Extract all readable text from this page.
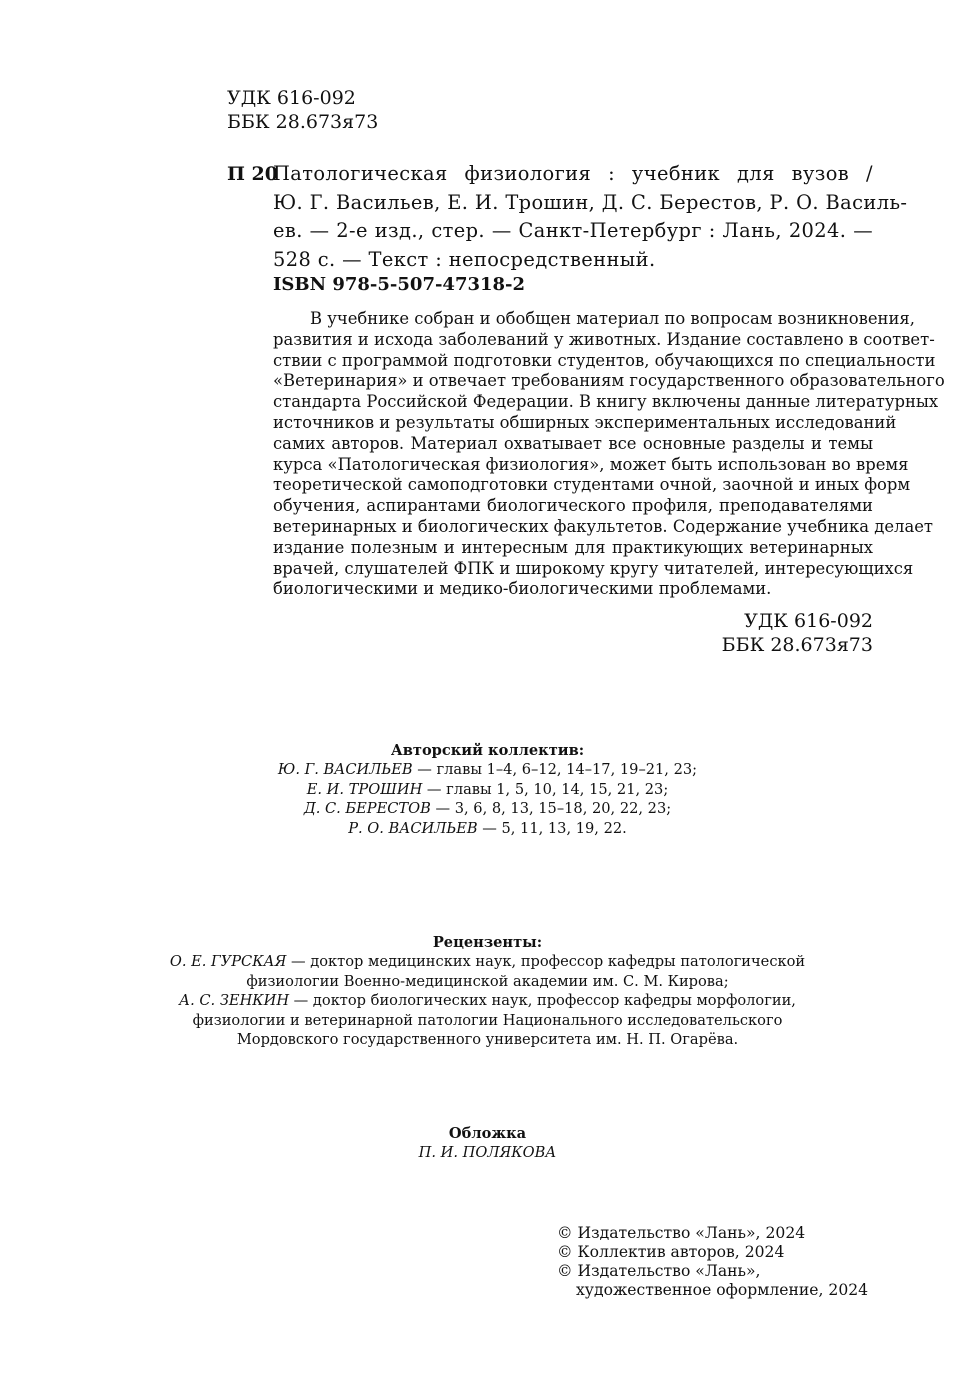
УДК 616-092
ББК 28.673я73
П 20
Патологическая физиология : учебник для вузов /
Ю. Г. Васильев, Е. И. Трошин, Д. С. Берестов, Р. О. Василь-
ев. — 2-е изд., стер. — Санкт-Петербург : Лань, 2024. —
528 с. — Текст : непосредственный.
ISBN 978-5-507-47318-2
В учебнике собран и обобщен материал по вопросам возникновения,
развития и исхода заболеваний у животных. Издание составлено в соответ-
ствии с программой подготовки студентов, обучающихся по специальности
«Ветеринария» и отвечает требованиям государственного образовательного
стандарта Российской Федерации. В книгу включены данные литературных
источников и результаты обширных экспериментальных исследований
самих авторов. Материал охватывает все основные разделы и темы
курса «Патологическая физиология», может быть использован во время
теоретической самоподготовки студентами очной, заочной и иных форм
обучения, аспирантами биологического профиля, преподавателями
ветеринарных и биологических факультетов. Содержание учебника делает
издание полезным и интересным для практикующих ветеринарных
врачей, слушателей ФПК и широкому кругу читателей, интересующихся
биологическими и медико-биологическими проблемами.
УДК 616-092
ББК 28.673я73
Авторский коллектив:
Ю. Г. ВАСИЛЬЕВ — главы 1–4, 6–12, 14–17, 19–21, 23;
Е. И. ТРОШИН — главы 1, 5, 10, 14, 15, 21, 23;
Д. С. БЕРЕСТОВ — 3, 6, 8, 13, 15–18, 20, 22, 23;
Р. О. ВАСИЛЬЕВ — 5, 11, 13, 19, 22.
Рецензенты:
О. Е. ГУРСКАЯ — доктор медицинских наук, профессор кафедры патологической
физиологии Военно-медицинской академии им. С. М. Кирова;
А. С. ЗЕНКИН — доктор биологических наук, профессор кафедры морфологии,
физиологии и ветеринарной патологии Национального исследовательского
Мордовского государственного университета им. Н. П. Огарёва.
Обложка
П. И. ПОЛЯКОВА
© Издательство «Лань», 2024
© Коллектив авторов, 2024
© Издательство «Лань»,
художественное оформление, 2024
